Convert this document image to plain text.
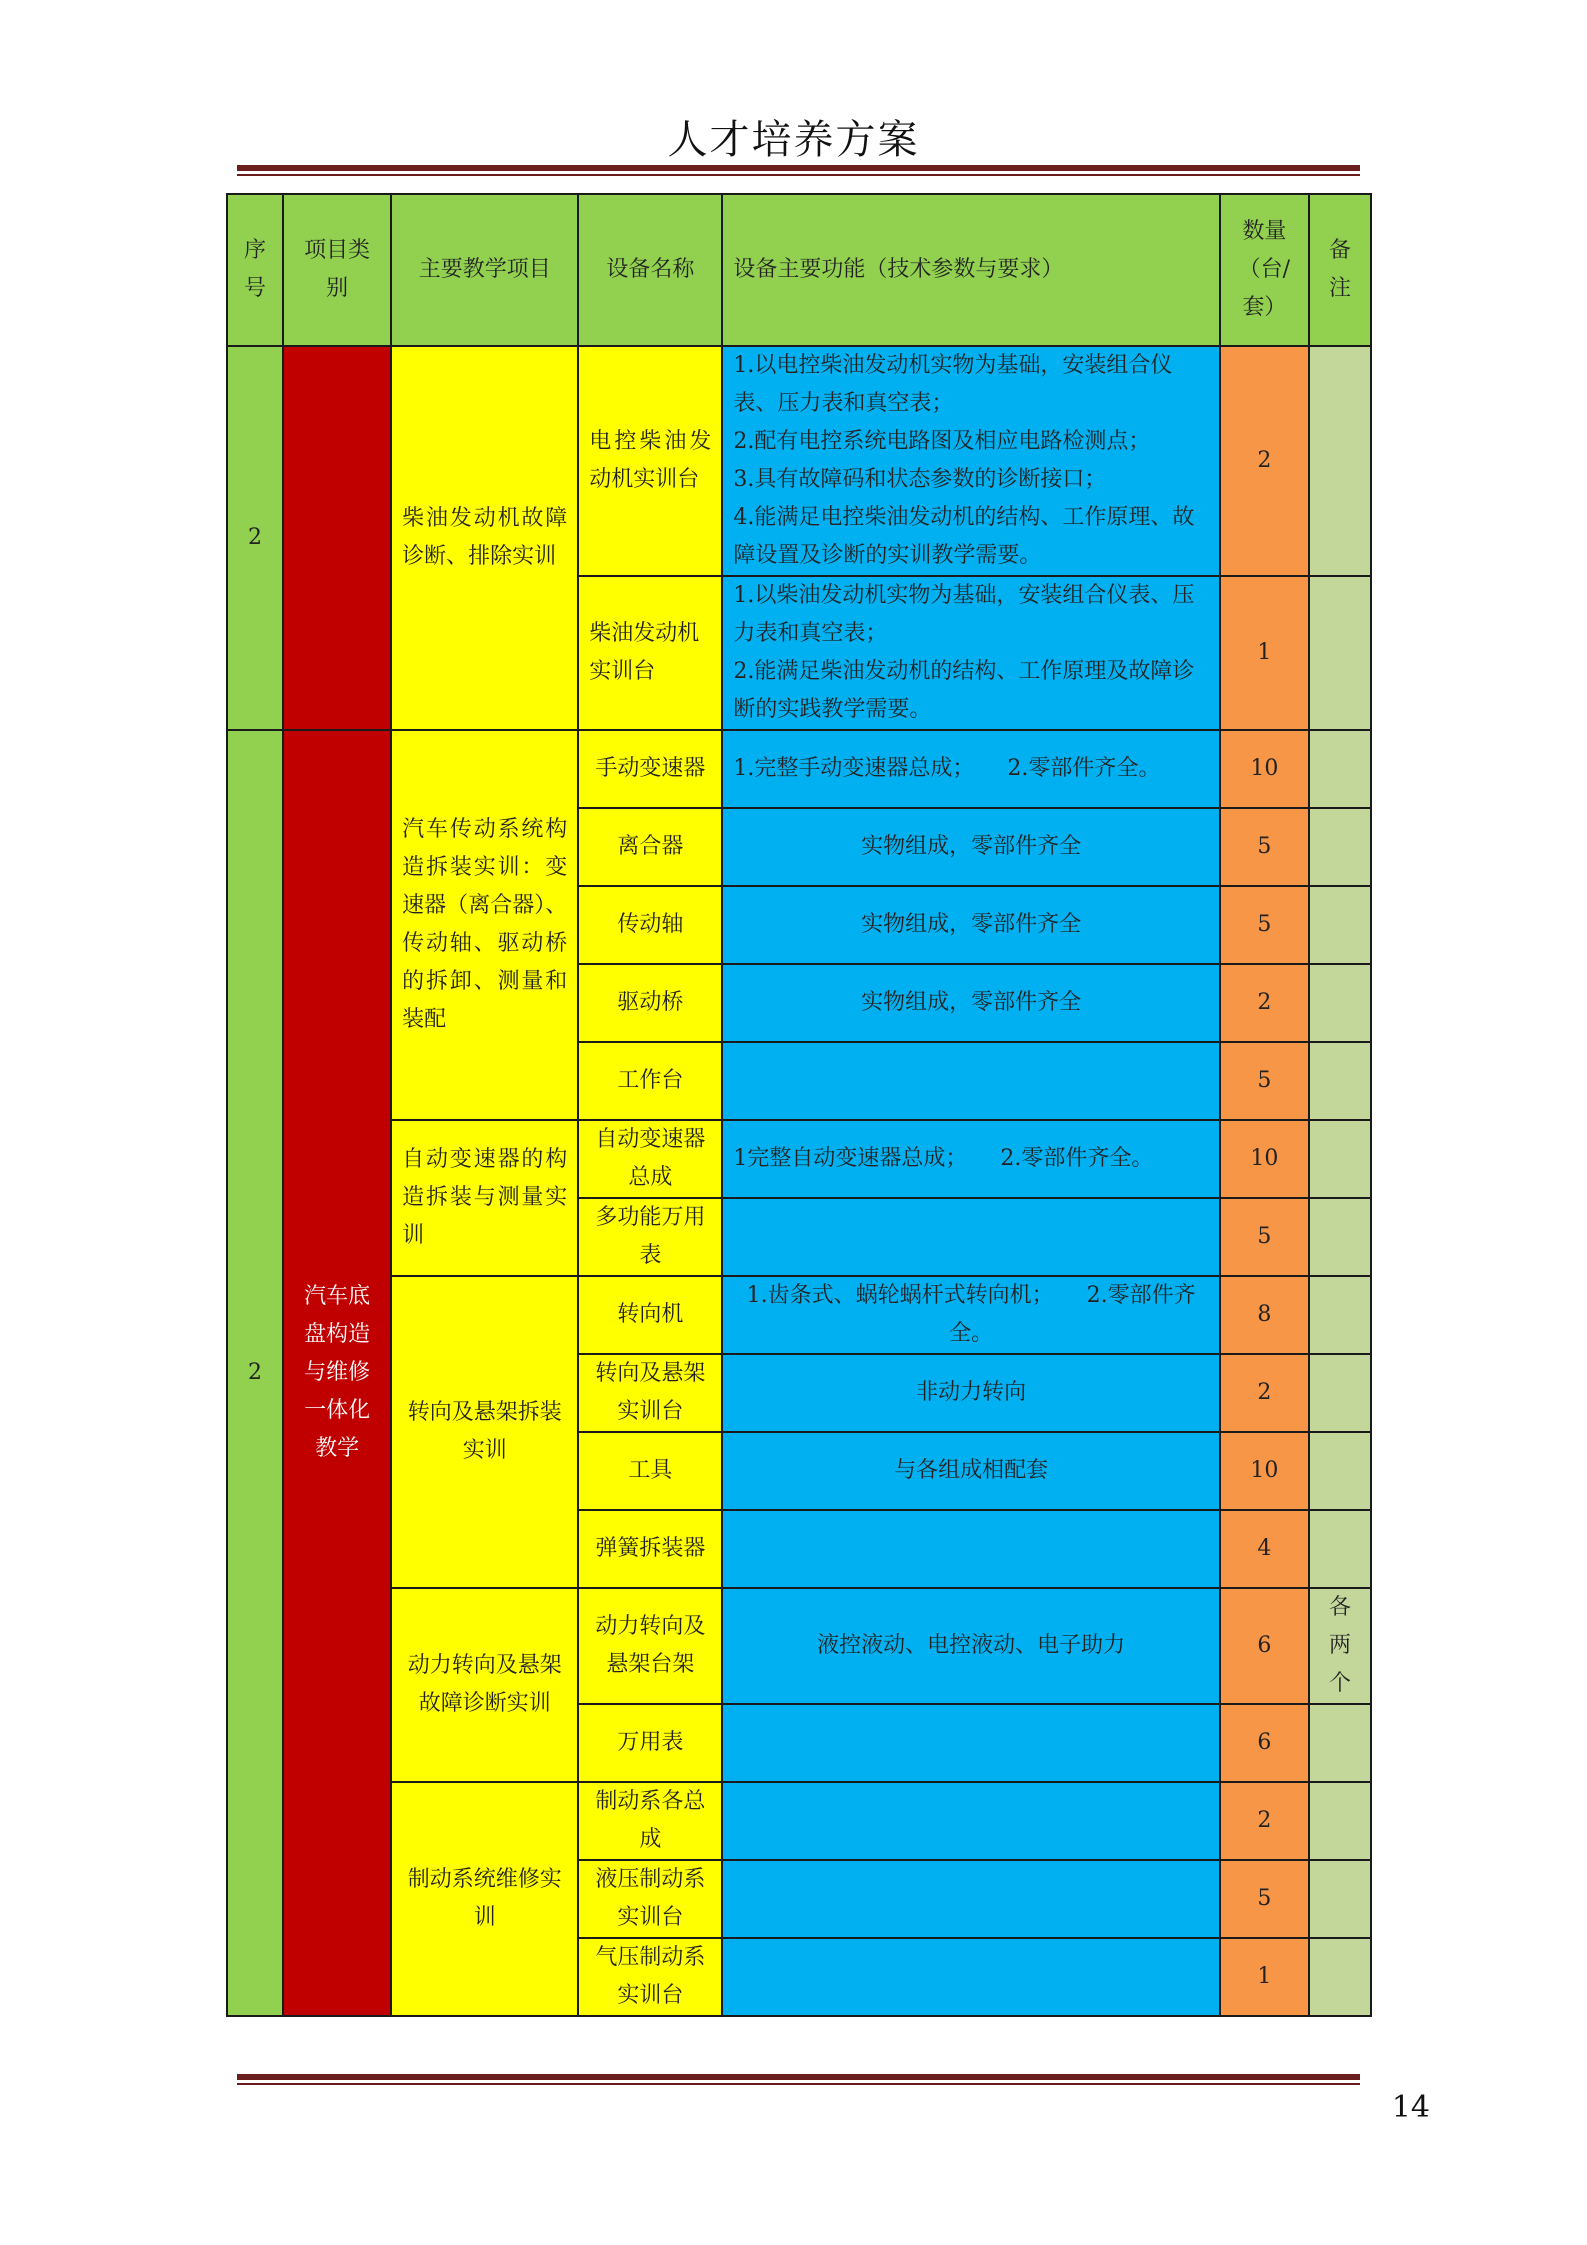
人才培养方案
序号	项目类别	主要教学项目	设备名称	设备主要功能（技术参数与要求）	数量（台/套）	备注
2		柴油发动机故障诊断、排除实训	电控柴油发动机实训台	1.以电控柴油发动机实物为基础，安装组合仪表、压力表和真空表；
2.配有电控系统电路图及相应电路检测点；
3.具有故障码和状态参数的诊断接口；
4.能满足电控柴油发动机的结构、工作原理、故障设置及诊断的实训教学需要。	2	
			柴油发动机实训台	1.以柴油发动机实物为基础，安装组合仪表、压力表和真空表；
2.能满足柴油发动机的结构、工作原理及故障诊断的实践教学需要。	1	
2	汽车底盘构造与维修一体化教学	汽车传动系统构造拆装实训：变速器（离合器）、传动轴、驱动桥的拆卸、测量和装配	手动变速器	1.完整手动变速器总成；　　2.零部件齐全。	10	
			离合器	实物组成，零部件齐全	5	
			传动轴	实物组成，零部件齐全	5	
			驱动桥	实物组成，零部件齐全	2	
			工作台		5	
		自动变速器的构造拆装与测量实训	自动变速器总成	1完整自动变速器总成；　　2.零部件齐全。	10	
			多功能万用表		5	
		转向及悬架拆装实训	转向机	1.齿条式、蜗轮蜗杆式转向机；　　2.零部件齐全。	8	
			转向及悬架实训台	非动力转向	2	
			工具	与各组成相配套	10	
			弹簧拆装器		4	
		动力转向及悬架故障诊断实训	动力转向及悬架台架	液控液动、电控液动、电子助力	6	各两个
			万用表		6	
		制动系统维修实训	制动系各总成		2	
			液压制动系实训台		5	
			气压制动系实训台		1	
14
